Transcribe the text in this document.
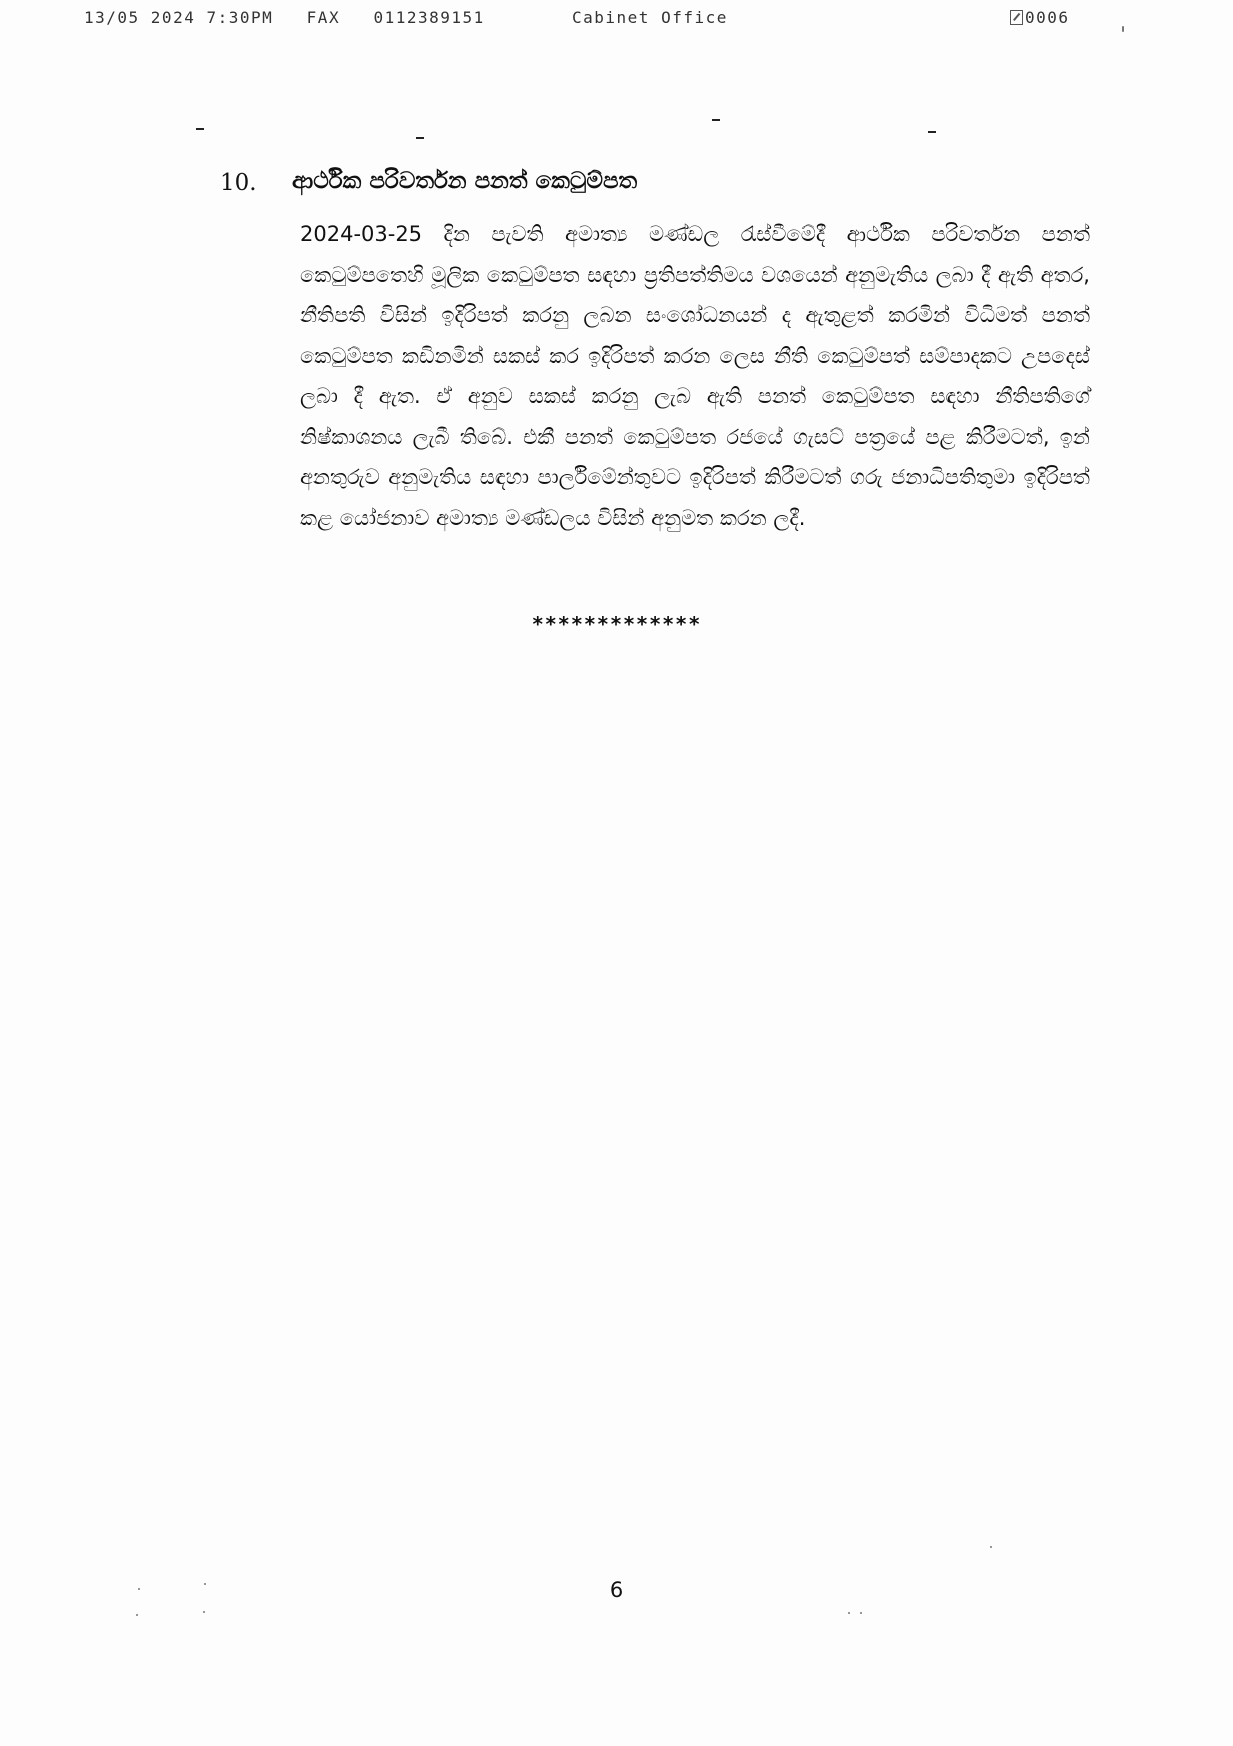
13/05 2024 7:30PM FAX 0112389151	Cabinet Office	0006
10. ආර්ථික පරිවර්තන පනත් කෙටුම්පත
2024-03-25 දින පැවති අමාත්‍ය මණ්ඩල රැස්වීමේදී ආර්ථික පරිවර්තන පනත් කෙටුම්පතෙහි මූලික කෙටුම්පත සඳහා ප්‍රතිපත්තිමය වශයෙන් අනුමැතිය ලබා දී ඇති අතර, නීතිපති විසින් ඉදිරිපත් කරනු ලබන සංශෝධනයන් ද ඇතුළත් කරමින් විධිමත් පනත් කෙටුම්පත කඩිනමින් සකස් කර ඉදිරිපත් කරන ලෙස නීති කෙටුම්පත් සම්පාදකට උපදෙස් ලබා දී ඇත. ඒ අනුව සකස් කරනු ලැබ ඇති පනත් කෙටුම්පත සඳහා නීතිපතිගේ නිෂ්කාශනය ලැබී තිබේ. එකී පනත් කෙටුම්පත රජයේ ගැසට් පත්‍රයේ පළ කිරීමටත්, ඉන් අනතුරුව අනුමැතිය සඳහා පාර්ලිමේන්තුවට ඉදිරිපත් කිරීමටත් ගරු ජනාධිපතිතුමා ඉදිරිපත් කළ යෝජනාව අමාත්‍ය මණ්ඩලය විසින් අනුමත කරන ලදී.
*************
6
